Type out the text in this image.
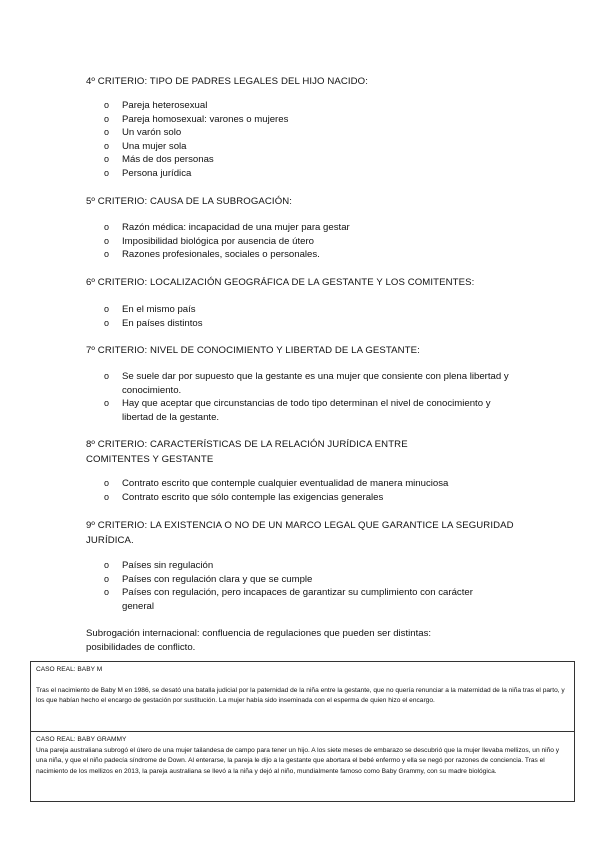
4º CRITERIO: TIPO DE PADRES LEGALES DEL HIJO NACIDO:
o Pareja heterosexual
o Pareja homosexual: varones o mujeres
o Un varón solo
o Una mujer sola
o Más de dos personas
o Persona jurídica
5º CRITERIO: CAUSA DE LA SUBROGACIÓN:
o Razón médica: incapacidad de una mujer para gestar
o Imposibilidad biológica por ausencia de útero
o Razones profesionales, sociales o personales.
6º CRITERIO: LOCALIZACIÓN GEOGRÁFICA DE LA GESTANTE Y LOS COMITENTES:
o En el mismo país
o En países distintos
7º CRITERIO: NIVEL DE CONOCIMIENTO Y LIBERTAD DE LA GESTANTE:
o Se suele dar por supuesto que la gestante es una mujer que consiente con plena libertad y conocimiento.
o Hay que aceptar que circunstancias de todo tipo determinan el nivel de conocimiento y libertad de la gestante.
8º CRITERIO: CARACTERÍSTICAS DE LA RELACIÓN JURÍDICA ENTRE COMITENTES Y GESTANTE
o Contrato escrito que contemple cualquier eventualidad de manera minuciosa
o Contrato escrito que sólo contemple las exigencias generales
9º CRITERIO: LA EXISTENCIA O NO DE UN MARCO LEGAL QUE GARANTICE LA SEGURIDAD JURÍDICA.
o Países sin regulación
o Países con regulación clara y que se cumple
o Países con regulación, pero incapaces de garantizar su cumplimiento con carácter general
Subrogación internacional: confluencia de regulaciones que pueden ser distintas: posibilidades de conflicto.
CASO REAL: BABY M
Tras el nacimiento de Baby M en 1986, se desató una batalla judicial por la paternidad de la niña entre la gestante, que no quería renunciar a la maternidad de la niña tras el parto, y los que habían hecho el encargo de gestación por sustitución. La mujer había sido inseminada con el esperma de quien hizo el encargo.
CASO REAL: BABY GRAMMY
Una pareja australiana subrogó el útero de una mujer tailandesa de campo para tener un hijo. A los siete meses de embarazo se descubrió que la mujer llevaba mellizos, un niño y una niña, y que el niño padecía síndrome de Down. Al enterarse, la pareja le dijo a la gestante que abortara el bebé enfermo y ella se negó por razones de conciencia. Tras el nacimiento de los mellizos en 2013, la pareja australiana se llevó a la niña y dejó al niño, mundialmente famoso como Baby Grammy, con su madre biológica.
